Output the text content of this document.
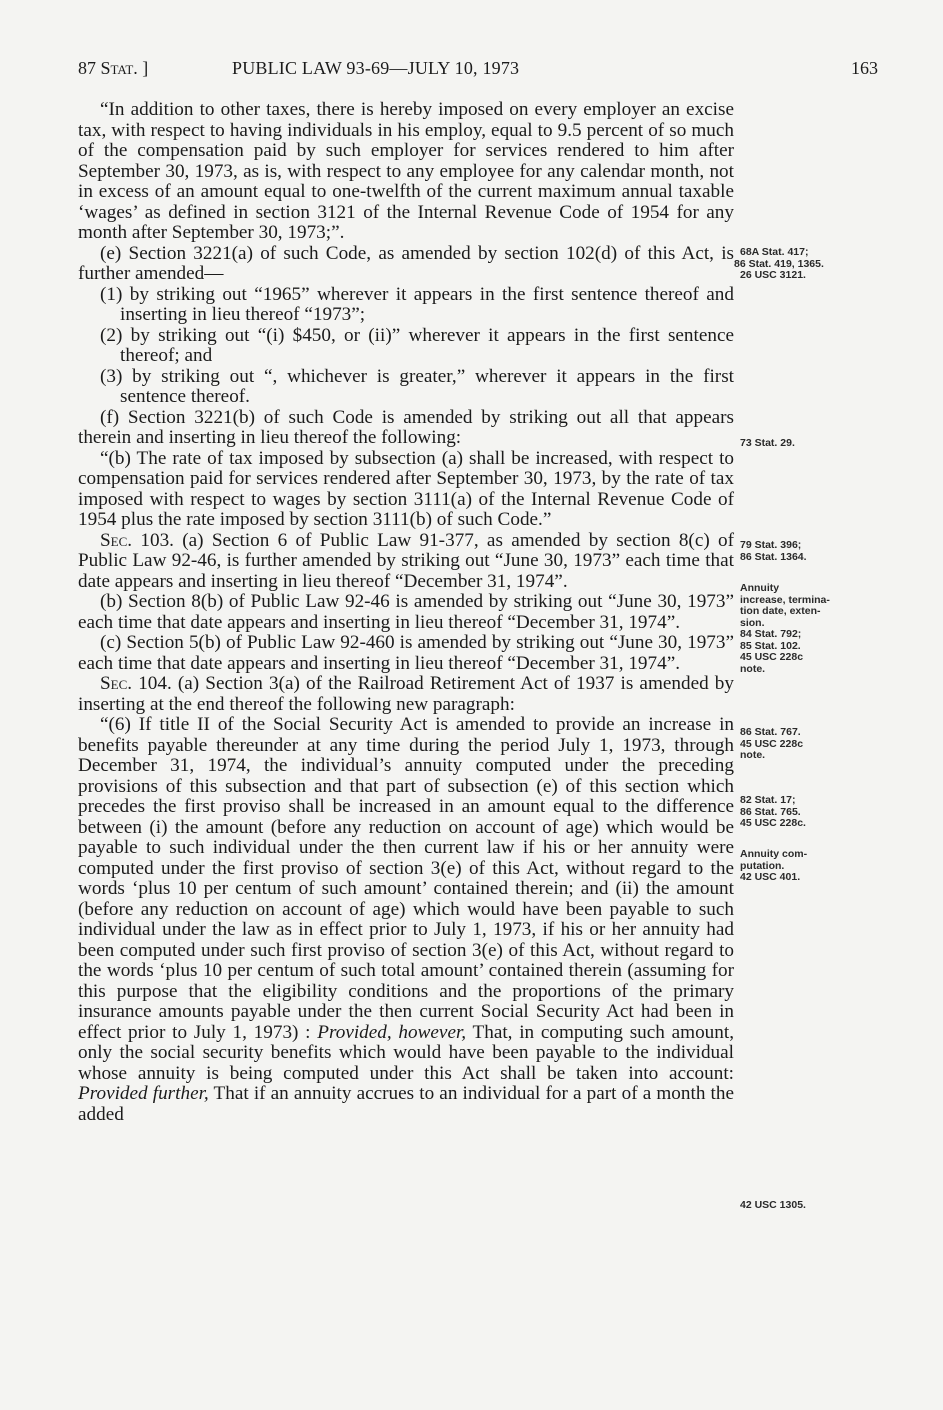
87 Stat. ]	PUBLIC LAW 93-69—JULY 10, 1973	163

“In addition to other taxes, there is hereby imposed on every employer an excise tax, with respect to having individuals in his employ, equal to 9.5 percent of so much of the compensation paid by such employer for services rendered to him after September 30, 1973, as is, with respect to any employee for any calendar month, not in excess of an amount equal to one-twelfth of the current maximum annual taxable ‘wages’ as defined in section 3121 of the Internal Revenue Code of 1954 for any month after September 30, 1973;”.

(e) Section 3221(a) of such Code, as amended by section 102(d) of this Act, is further amended—

(1) by striking out “1965” wherever it appears in the first sentence thereof and inserting in lieu thereof “1973”;

(2) by striking out “(i) $450, or (ii)” wherever it appears in the first sentence thereof; and

(3) by striking out “, whichever is greater,” wherever it appears in the first sentence thereof.

(f) Section 3221(b) of such Code is amended by striking out all that appears therein and inserting in lieu thereof the following:

“(b) The rate of tax imposed by subsection (a) shall be increased, with respect to compensation paid for services rendered after September 30, 1973, by the rate of tax imposed with respect to wages by section 3111(a) of the Internal Revenue Code of 1954 plus the rate imposed by section 3111(b) of such Code.”

Sec. 103. (a) Section 6 of Public Law 91-377, as amended by section 8(c) of Public Law 92-46, is further amended by striking out “June 30, 1973” each time that date appears and inserting in lieu thereof “December 31, 1974”.

(b) Section 8(b) of Public Law 92-46 is amended by striking out “June 30, 1973” each time that date appears and inserting in lieu thereof “December 31, 1974”.

(c) Section 5(b) of Public Law 92-460 is amended by striking out “June 30, 1973” each time that date appears and inserting in lieu thereof “December 31, 1974”.

Sec. 104. (a) Section 3(a) of the Railroad Retirement Act of 1937 is amended by inserting at the end thereof the following new paragraph:

“(6) If title II of the Social Security Act is amended to provide an increase in benefits payable thereunder at any time during the period July 1, 1973, through December 31, 1974, the individual’s annuity computed under the preceding provisions of this subsection and that part of subsection (e) of this section which precedes the first proviso shall be increased in an amount equal to the difference between (i) the amount (before any reduction on account of age) which would be payable to such individual under the then current law if his or her annuity were computed under the first proviso of section 3(e) of this Act, without regard to the words ‘plus 10 per centum of such amount’ contained therein; and (ii) the amount (before any reduction on account of age) which would have been payable to such individual under the law as in effect prior to July 1, 1973, if his or her annuity had been computed under such first proviso of section 3(e) of this Act, without regard to the words ‘plus 10 per centum of such total amount’ contained therein (assuming for this purpose that the eligibility conditions and the proportions of the primary insurance amounts payable under the then current Social Security Act had been in effect prior to July 1, 1973) : Provided, however, That, in computing such amount, only the social security benefits which would have been payable to the individual whose annuity is being computed under this Act shall be taken into account: Provided further, That if an annuity accrues to an individual for a part of a month the added

68A Stat. 417;
86 Stat. 419, 1365.
26 USC 3121.
73 Stat. 29.
79 Stat. 396;
86 Stat. 1364.
Annuity
increase, termina-
tion date, exten-
sion.
84 Stat. 792;
85 Stat. 102.
45 USC 228c
note.
86 Stat. 767.
45 USC 228c
note.
82 Stat. 17;
86 Stat. 765.
45 USC 228c.
Annuity com-
putation.
42 USC 401.
42 USC 1305.
